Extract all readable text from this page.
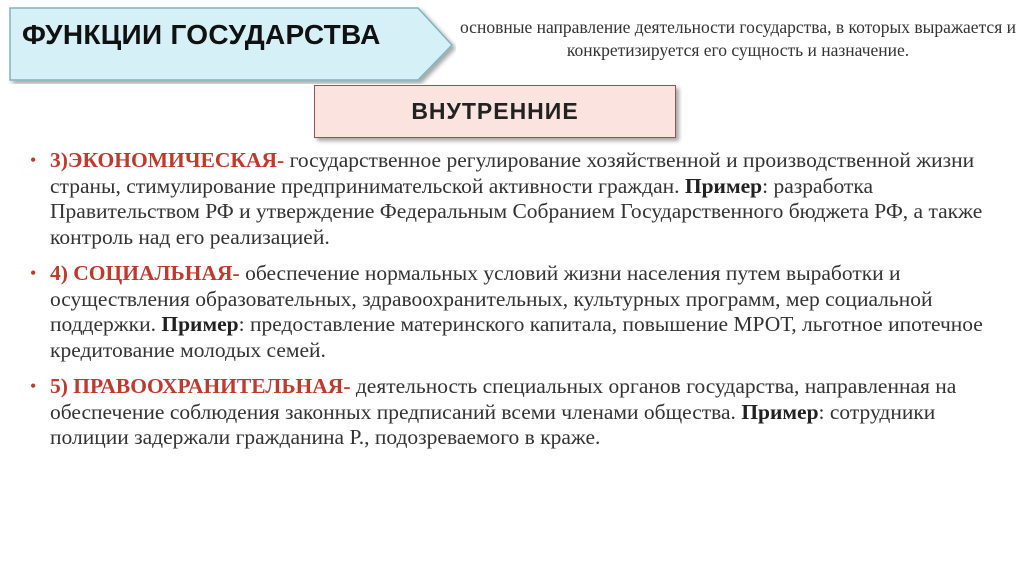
ФУНКЦИИ ГОСУДАРСТВА	основные направление деятельности государства, в которых выражается и конкретизируется его сущность и назначение.
ВНУТРЕННИЕ
• 3)ЭКОНОМИЧЕСКАЯ- государственное регулирование хозяйственной и производственной жизни страны, стимулирование предпринимательской активности граждан. Пример: разработка Правительством РФ и утверждение Федеральным Собранием Государственного бюджета РФ, а также контроль над его реализацией.
• 4) СОЦИАЛЬНАЯ- обеспечение нормальных условий жизни населения путем выработки и осуществления образовательных, здравоохранительных, культурных программ, мер социальной поддержки. Пример: предоставление материнского капитала, повышение МРОТ, льготное ипотечное кредитование молодых семей.
• 5) ПРАВООХРАНИТЕЛЬНАЯ- деятельность специальных органов государства, направленная на обеспечение соблюдения законных предписаний всеми членами общества. Пример: сотрудники полиции задержали гражданина Р., подозреваемого в краже.
